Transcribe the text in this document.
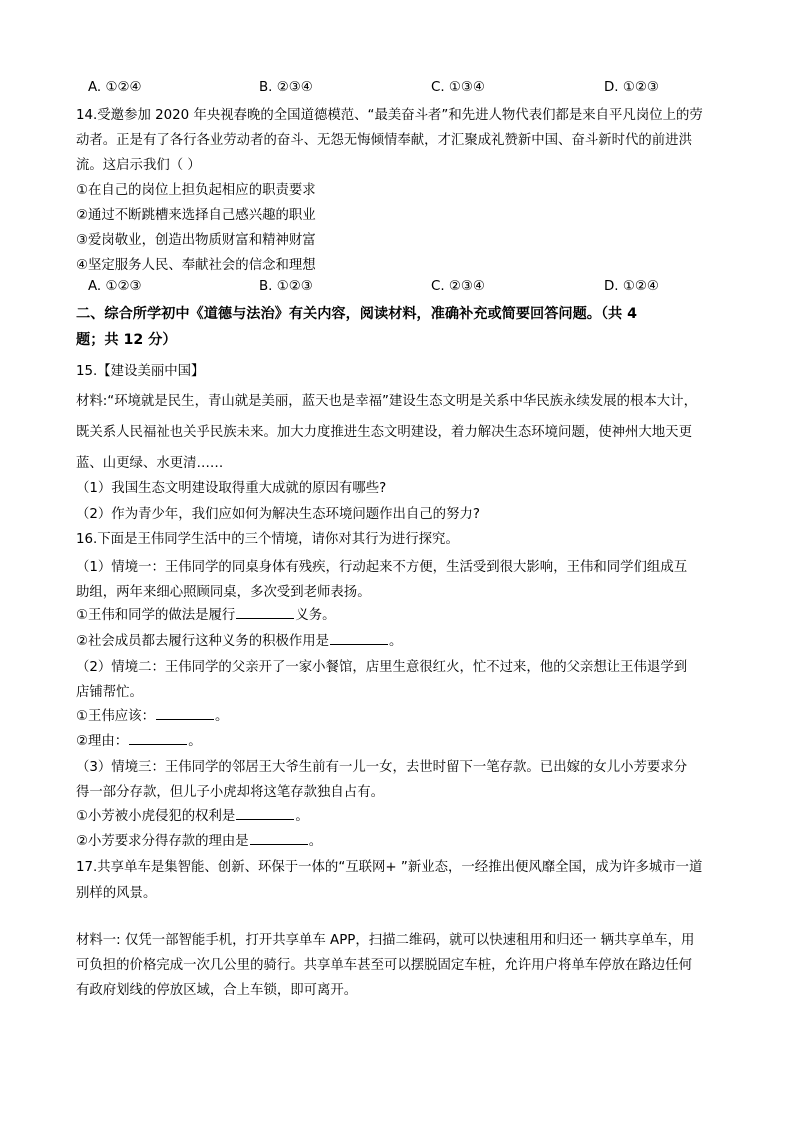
A. ①②④	B. ②③④	C. ①③④	D. ①②③
14.受邀参加 2020 年央视春晚的全国道德模范、“最美奋斗者”和先进人物代表们都是来自平凡岗位上的劳
动者。正是有了各行各业劳动者的奋斗、无怨无悔倾情奉献，才汇聚成礼赞新中国、奋斗新时代的前进洪
流。这启示我们（ ）
①在自己的岗位上担负起相应的职责要求
②通过不断跳槽来选择自己感兴趣的职业
③爱岗敬业，创造出物质财富和精神财富
④坚定服务人民、奉献社会的信念和理想
A. ①②③	B. ①②③	C. ②③④	D. ①②④
二、综合所学初中《道德与法治》有关内容，阅读材料，准确补充或简要回答问题。（共 4
题；共 12 分）
15.【建设美丽中国】
材料:“环境就是民生，青山就是美丽，蓝天也是幸福”建设生态文明是关系中华民族永续发展的根本大计，
既关系人民福祉也关乎民族未来。加大力度推进生态文明建设，着力解决生态环境问题，使神州大地天更
蓝、山更绿、水更清……
（1）我国生态文明建设取得重大成就的原因有哪些?
（2）作为青少年，我们应如何为解决生态环境问题作出自己的努力?
16.下面是王伟同学生活中的三个情境，请你对其行为进行探究。
（1）情境一：王伟同学的同桌身体有残疾，行动起来不方便，生活受到很大影响，王伟和同学们组成互
助组，两年来细心照顾同桌，多次受到老师表扬。
①王伟和同学的做法是履行	义务。
②社会成员都去履行这种义务的积极作用是	。
（2）情境二：王伟同学的父亲开了一家小餐馆，店里生意很红火，忙不过来，他的父亲想让王伟退学到
店铺帮忙。
①王伟应该：	。
②理由：	。
（3）情境三：王伟同学的邻居王大爷生前有一儿一女，去世时留下一笔存款。已出嫁的女儿小芳要求分
得一部分存款，但儿子小虎却将这笔存款独自占有。
①小芳被小虎侵犯的权利是	。
②小芳要求分得存款的理由是	。
17.共享单车是集智能、创新、环保于一体的“互联网+ ”新业态，一经推出便风靡全国，成为许多城市一道
别样的风景。
材料一: 仅凭一部智能手机，打开共享单车 APP，扫描二维码，就可以快速租用和归还一 辆共享单车，用
可负担的价格完成一次几公里的骑行。共享单车甚至可以摆脱固定车桩，允许用户将单车停放在路边任何
有政府划线的停放区域，合上车锁，即可离开。
